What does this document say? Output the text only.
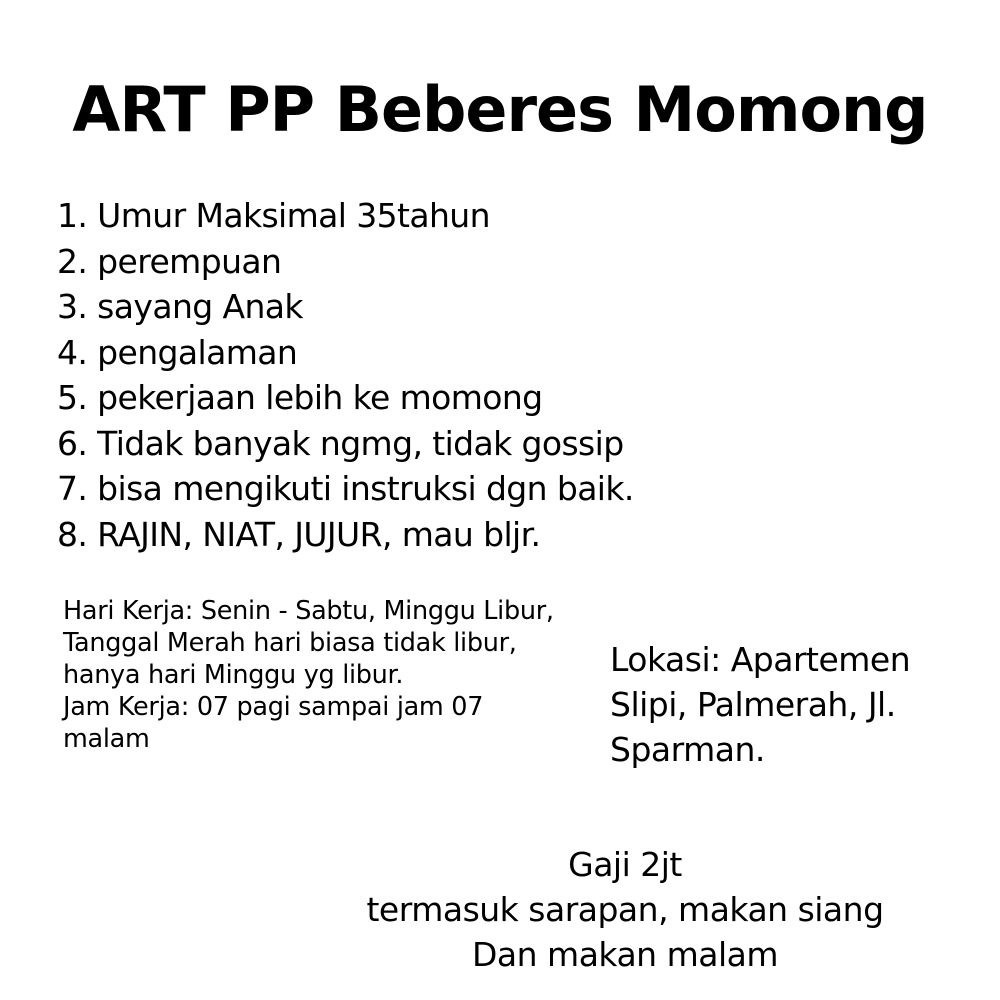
ART PP Beberes Momong
1. Umur Maksimal 35tahun
2. perempuan
3. sayang Anak
4. pengalaman
5. pekerjaan lebih ke momong
6. Tidak banyak ngmg, tidak gossip
7. bisa mengikuti instruksi dgn baik.
8. RAJIN, NIAT, JUJUR, mau bljr.

Hari Kerja: Senin - Sabtu, Minggu Libur, Tanggal Merah hari biasa tidak libur, hanya hari Minggu yg libur.

Jam Kerja: 07 pagi sampai jam 07 malam

Lokasi: Apartemen Slipi, Palmerah, Jl. Sparman.
Gaji 2jt
termasuk sarapan, makan siang
Dan makan malam
